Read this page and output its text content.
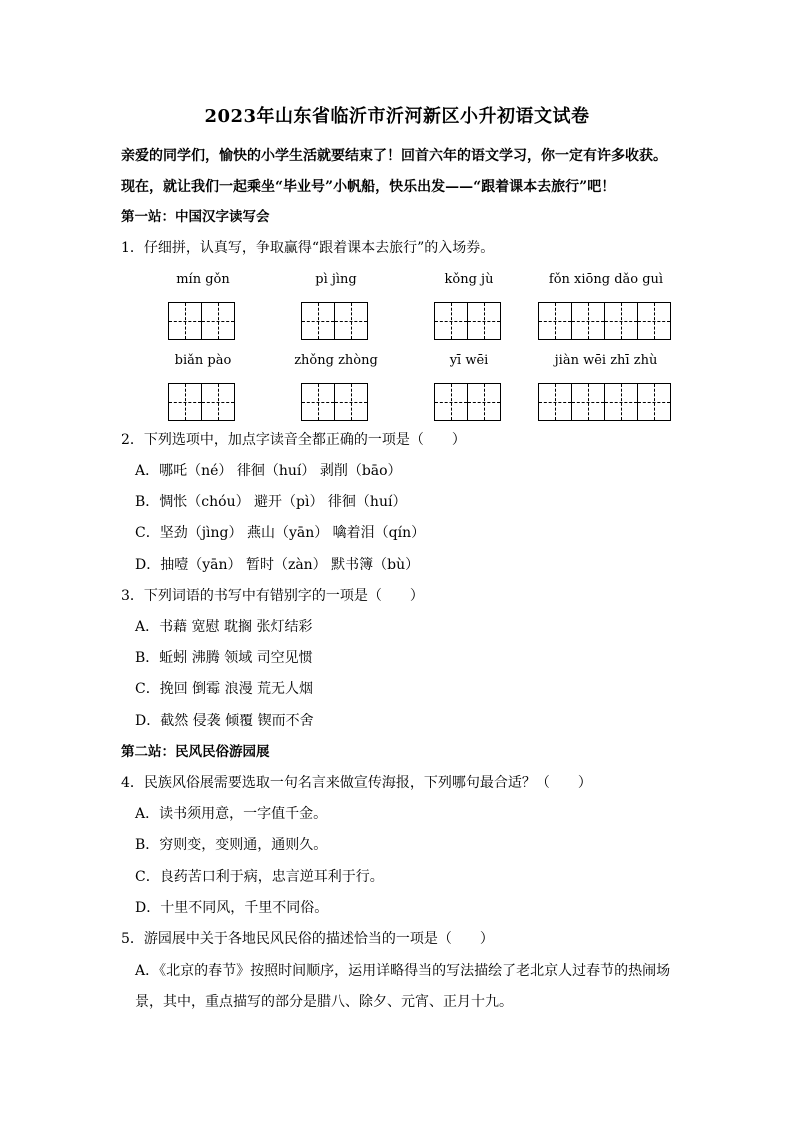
2023年山东省临沂市沂河新区小升初语文试卷
亲爱的同学们，愉快的小学生活就要结束了！回首六年的语文学习，你一定有许多收获。
现在，就让我们一起乘坐“毕业号”小帆船，快乐出发——“跟着课本去旅行”吧！
第一站：中国汉字读写会
1．仔细拼，认真写，争取赢得“跟着课本去旅行”的入场券。
mín gǒn	pì jìng	kǒng jù	fǒn xiōng dǎo guì
biǎn pào	zhǒng zhòng	yī wēi	jiàn wēi zhī zhù
2．下列选项中，加点字读音全都正确的一项是（　　）
A．哪吒（né） 徘徊（huí） 剥削（bāo）
B．惆怅（chóu） 避开（pì） 徘徊（huí）
C．坚劲（jìng） 燕山（yān） 噙着泪（qín）
D．抽噎（yān） 暂时（zàn） 默书簿（bù）
3．下列词语的书写中有错别字的一项是（　　）
A．书藉 宽慰 耽搁 张灯结彩
B．蚯蚓 沸腾 领域 司空见惯
C．挽回 倒霉 浪漫 荒无人烟
D．截然 侵袭 倾覆 锲而不舍
第二站：民风民俗游园展
4．民族风俗展需要选取一句名言来做宣传海报，下列哪句最合适？（　　）
A．读书须用意，一字值千金。
B．穷则变，变则通，通则久。
C．良药苦口利于病，忠言逆耳利于行。
D．十里不同风，千里不同俗。
5．游园展中关于各地民风民俗的描述恰当的一项是（　　）
A．《北京的春节》按照时间顺序，运用详略得当的写法描绘了老北京人过春节的热闹场景，其中，重点描写的部分是腊八、除夕、元宵、正月十九。
